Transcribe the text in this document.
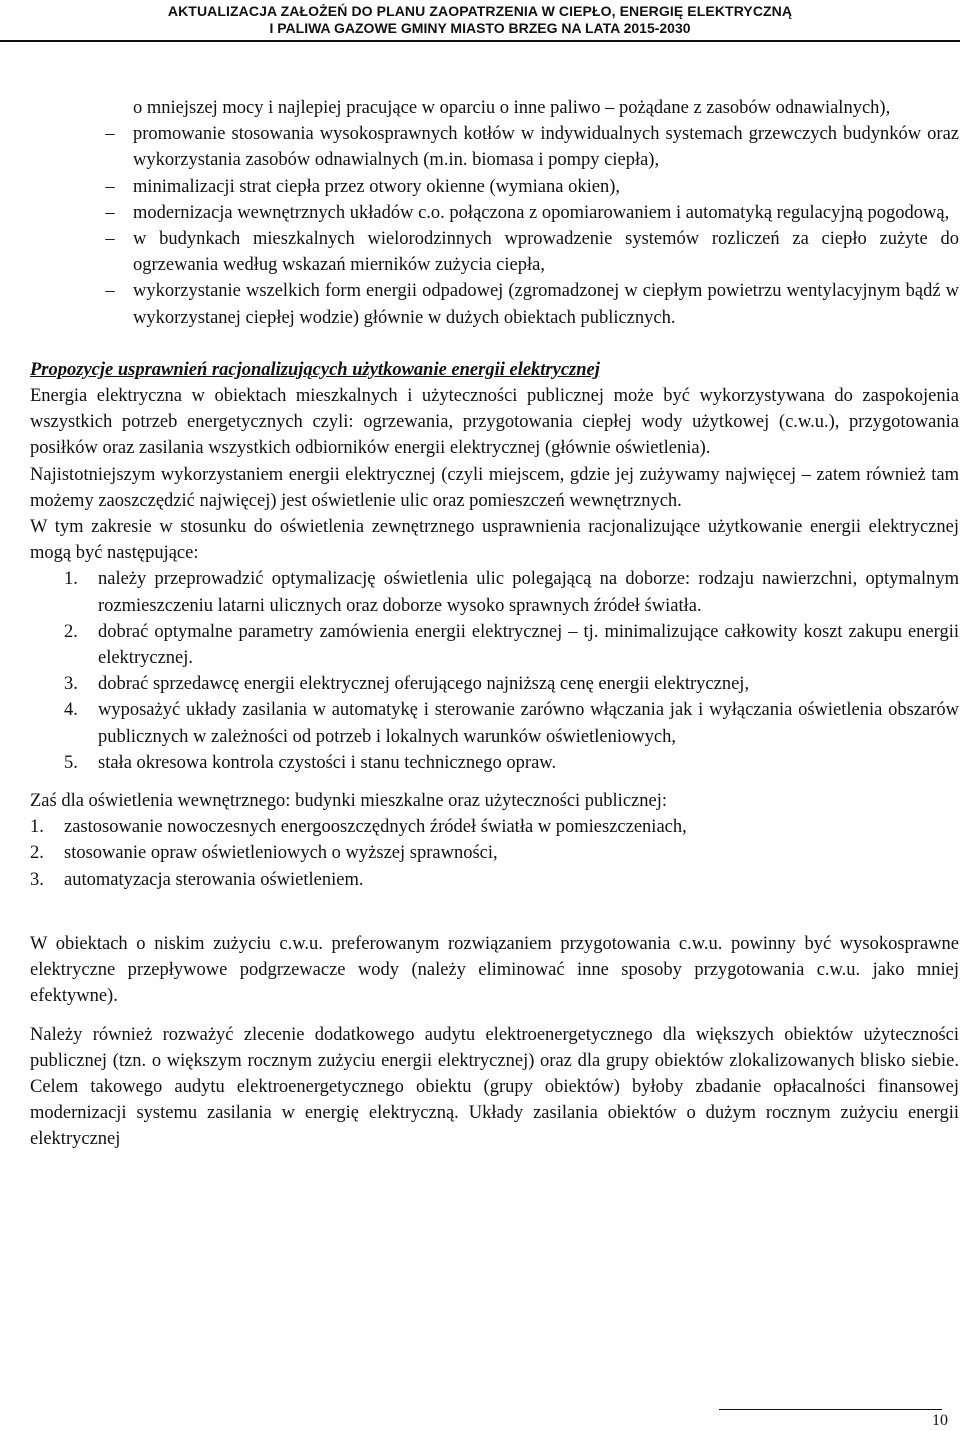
AKTUALIZACJA ZAŁOŻEŃ DO PLANU ZAOPATRZENIA W CIEPŁO, ENERGIĘ ELEKTRYCZNĄ
I PALIWA GAZOWE GMINY MIASTO BRZEG NA LATA 2015-2030
o mniejszej mocy i najlepiej pracujące w oparciu o inne paliwo – pożądane z zasobów odnawialnych),
– promowanie stosowania wysokosprawnych kotłów w indywidualnych systemach grzewczych budynków oraz wykorzystania zasobów odnawialnych (m.in. biomasa i pompy ciepła),
– minimalizacji strat ciepła przez otwory okienne (wymiana okien),
– modernizacja wewnętrznych układów c.o. połączona z opomiarowaniem i automatyką regulacyjną pogodową,
– w budynkach mieszkalnych wielorodzinnych wprowadzenie systemów rozliczeń za ciepło zużyte do ogrzewania według wskazań mierników zużycia ciepła,
– wykorzystanie wszelkich form energii odpadowej (zgromadzonej w ciepłym powietrzu wentylacyjnym bądź w wykorzystanej ciepłej wodzie) głównie w dużych obiektach publicznych.

Propozycje usprawnień racjonalizujących użytkowanie energii elektrycznej

Energia elektryczna w obiektach mieszkalnych i użyteczności publicznej może być wykorzystywana do zaspokojenia wszystkich potrzeb energetycznych czyli: ogrzewania, przygotowania ciepłej wody użytkowej (c.w.u.), przygotowania posiłków oraz zasilania wszystkich odbiorników energii elektrycznej (głównie oświetlenia).

Najistotniejszym wykorzystaniem energii elektrycznej (czyli miejscem, gdzie jej zużywamy najwięcej – zatem również tam możemy zaoszczędzić najwięcej) jest oświetlenie ulic oraz pomieszczeń wewnętrznych.

W tym zakresie w stosunku do oświetlenia zewnętrznego usprawnienia racjonalizujące użytkowanie energii elektrycznej mogą być następujące:

1. należy przeprowadzić optymalizację oświetlenia ulic polegającą na doborze: rodzaju nawierzchni, optymalnym rozmieszczeniu latarni ulicznych oraz doborze wysoko sprawnych źródeł światła.
2. dobrać optymalne parametry zamówienia energii elektrycznej – tj. minimalizujące całkowity koszt zakupu energii elektrycznej.
3. dobrać sprzedawcę energii elektrycznej oferującego najniższą cenę energii elektrycznej,
4. wyposażyć układy zasilania w automatykę i sterowanie zarówno włączania jak i wyłączania oświetlenia obszarów publicznych w zależności od potrzeb i lokalnych warunków oświetleniowych,
5. stała okresowa kontrola czystości i stanu technicznego opraw.

Zaś dla oświetlenia wewnętrznego: budynki mieszkalne oraz użyteczności publicznej:

1. zastosowanie nowoczesnych energooszczędnych źródeł światła w pomieszczeniach,
2. stosowanie opraw oświetleniowych o wyższej sprawności,
3. automatyzacja sterowania oświetleniem.

W obiektach o niskim zużyciu c.w.u. preferowanym rozwiązaniem przygotowania c.w.u. powinny być wysokosprawne elektryczne przepływowe podgrzewacze wody (należy eliminować inne sposoby przygotowania c.w.u. jako mniej efektywne).

Należy również rozważyć zlecenie dodatkowego audytu elektroenergetycznego dla większych obiektów użyteczności publicznej (tzn. o większym rocznym zużyciu energii elektrycznej) oraz dla grupy obiektów zlokalizowanych blisko siebie. Celem takowego audytu elektroenergetycznego obiektu (grupy obiektów) byłoby zbadanie opłacalności finansowej modernizacji systemu zasilania w energię elektryczną. Układy zasilania obiektów o dużym rocznym zużyciu energii elektrycznej

10
